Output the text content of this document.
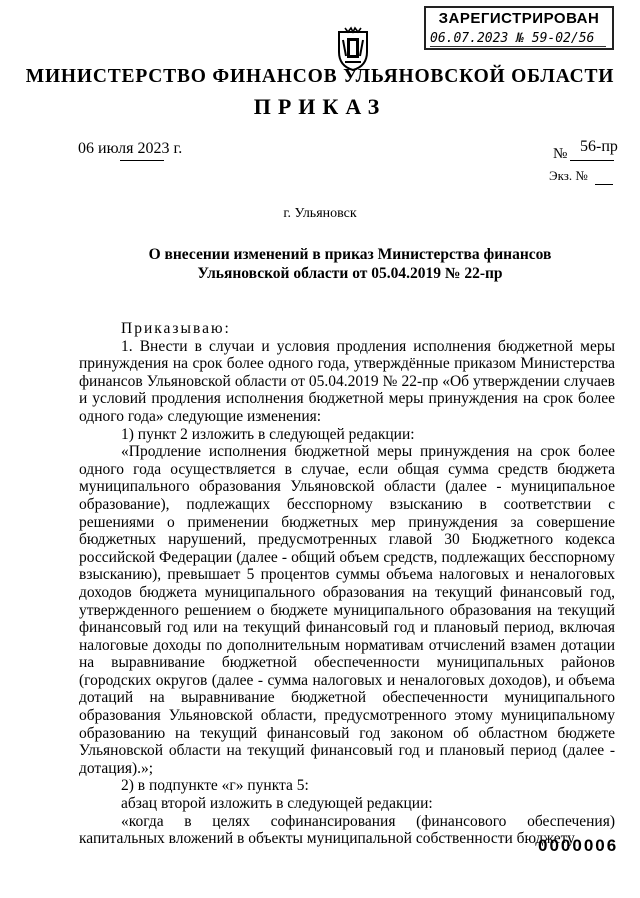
ЗАРЕГИСТРИРОВАН
06.07.2023 № 59-02/56
МИНИСТЕРСТВО ФИНАНСОВ УЛЬЯНОВСКОЙ ОБЛАСТИ
ПРИКАЗ
06 июля 2023 г.	№ 56-пр
Экз. №
г. Ульяновск
О внесении изменений в приказ Министерства финансов
Ульяновской области от 05.04.2019 № 22-пр

Приказываю:

1. Внести в случаи и условия продления исполнения бюджетной меры принуждения на срок более одного года, утверждённые приказом Министерства финансов Ульяновской области от 05.04.2019 № 22-пр «Об утверждении случаев и условий продления исполнения бюджетной меры принуждения на срок более одного года» следующие изменения:

1) пункт 2 изложить в следующей редакции:

«Продление исполнения бюджетной меры принуждения на срок более одного года осуществляется в случае, если общая сумма средств бюджета муниципального образования Ульяновской области (далее - муниципальное образование), подлежащих бесспорному взысканию в соответствии с решениями о применении бюджетных мер принуждения за совершение бюджетных нарушений, предусмотренных главой 30 Бюджетного кодекса российской Федерации (далее - общий объем средств, подлежащих бесспорному взысканию), превышает 5 процентов суммы объема налоговых и неналоговых доходов бюджета муниципального образования на текущий финансовый год, утвержденного решением о бюджете муниципального образования на текущий финансовый год или на текущий финансовый год и плановый период, включая налоговые доходы по дополнительным нормативам отчислений взамен дотации на выравнивание бюджетной обеспеченности муниципальных районов (городских округов (далее - сумма налоговых и неналоговых доходов), и объема дотаций на выравнивание бюджетной обеспеченности муниципального образования Ульяновской области, предусмотренного этому муниципальному образованию на текущий финансовый год законом об областном бюджете Ульяновской области на текущий финансовый год и плановый период (далее - дотация).»;

2) в подпункте «г» пункта 5:

абзац второй изложить в следующей редакции:

«когда в целях софинансирования (финансового обеспечения) капитальных вложений в объекты муниципальной собственности бюджету

0000006
